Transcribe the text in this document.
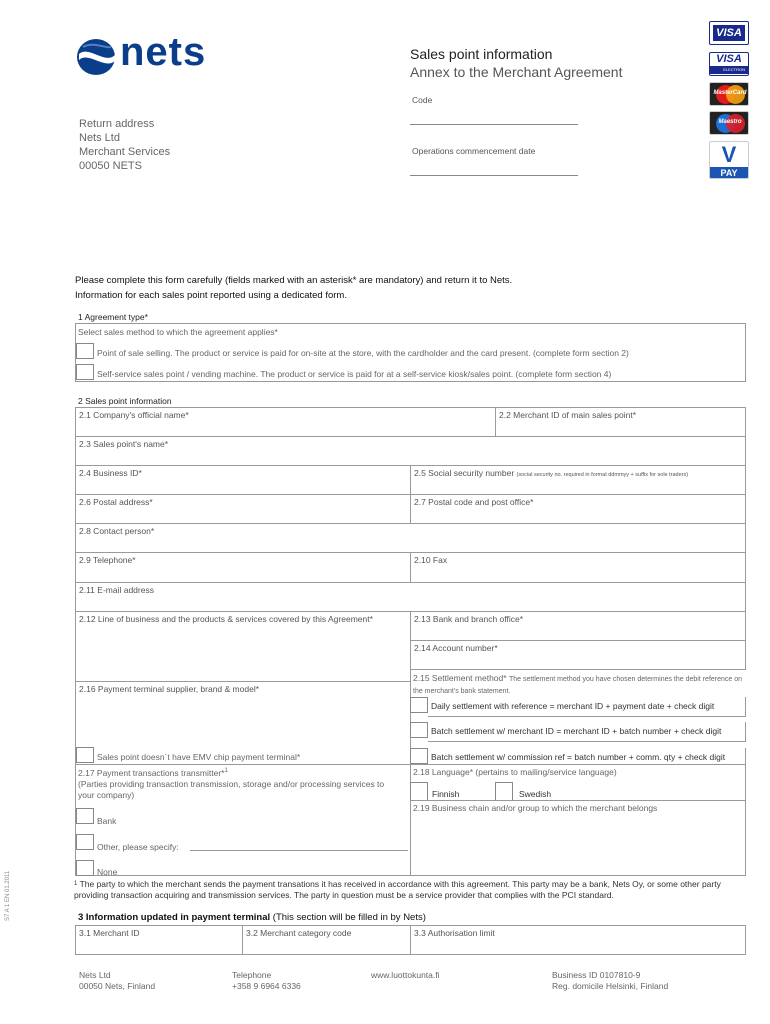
nets	Sales point information
Annex to the Merchant Agreement
Code
Operations commencement date
Return address
Nets Ltd
Merchant Services
00050 NETS
VISA
VISA
ELECTRON
MasterCard
Maestro
V
PAY
Please complete this form carefully (fields marked with an asterisk* are mandatory) and return it to Nets.
Information for each sales point reported using a dedicated form.
1 Agreement type*
Select sales method to which the agreement applies*
Point of sale selling. The product or service is paid for on-site at the store, with the cardholder and the card present. (complete form section 2)
Self-service sales point / vending machine. The product or service is paid for at a self-service kiosk/sales point. (complete form section 4)
2 Sales point information
2.1 Company's official name*	2.2 Merchant ID of main sales point*
2.3 Sales point's name*
2.4 Business ID*	2.5 Social security number (social security no. required in format ddmmyy + suffix for sole traders)
2.6 Postal address*	2.7 Postal code and post office*
2.8 Contact person*
2.9 Telephone*	2.10 Fax
2.11 E-mail address
2.12 Line of business and the products & services covered by this Agreement*	2.13 Bank and branch office*
2.14 Account number*
2.16 Payment terminal supplier, brand & model*
2.15 Settlement method* The settlement method you have chosen determines the debit reference on the merchant's bank statement.
Daily settlement with reference = merchant ID + payment date + check digit
Batch settlement w/ merchant ID = merchant ID + batch number + check digit
Batch settlement w/ commission ref = batch number + comm. qty + check digit
Sales point doesn´t have EMV chip payment terminal*
2.17 Payment transactions transmitter*$^1$
(Parties providing transaction transmission, storage and/or processing services to your company)
Bank
Other, please specify:
None
2.18 Language* (pertains to mailing/service language)
Finnish	Swedish
2.19 Business chain and/or group to which the merchant belongs
$^1$ The party to which the merchant sends the payment transations it has received in accordance with this agreement. This party may be a bank, Nets Oy, or some other party providing transaction acquiring and transmission services. The party in question must be a service provider that complies with the PCI standard.
S7 A 1 EN 01.2011	3 Information updated in payment terminal (This section will be filled in by Nets)
3.1 Merchant ID	3.2 Merchant category code	3.3 Authorisation limit
Nets Ltd
00050 Nets, Finland
Telephone
+358 9 6964 6336
www.luottokunta.fi	Business ID 0107810-9
Reg. domicile Helsinki, Finland
